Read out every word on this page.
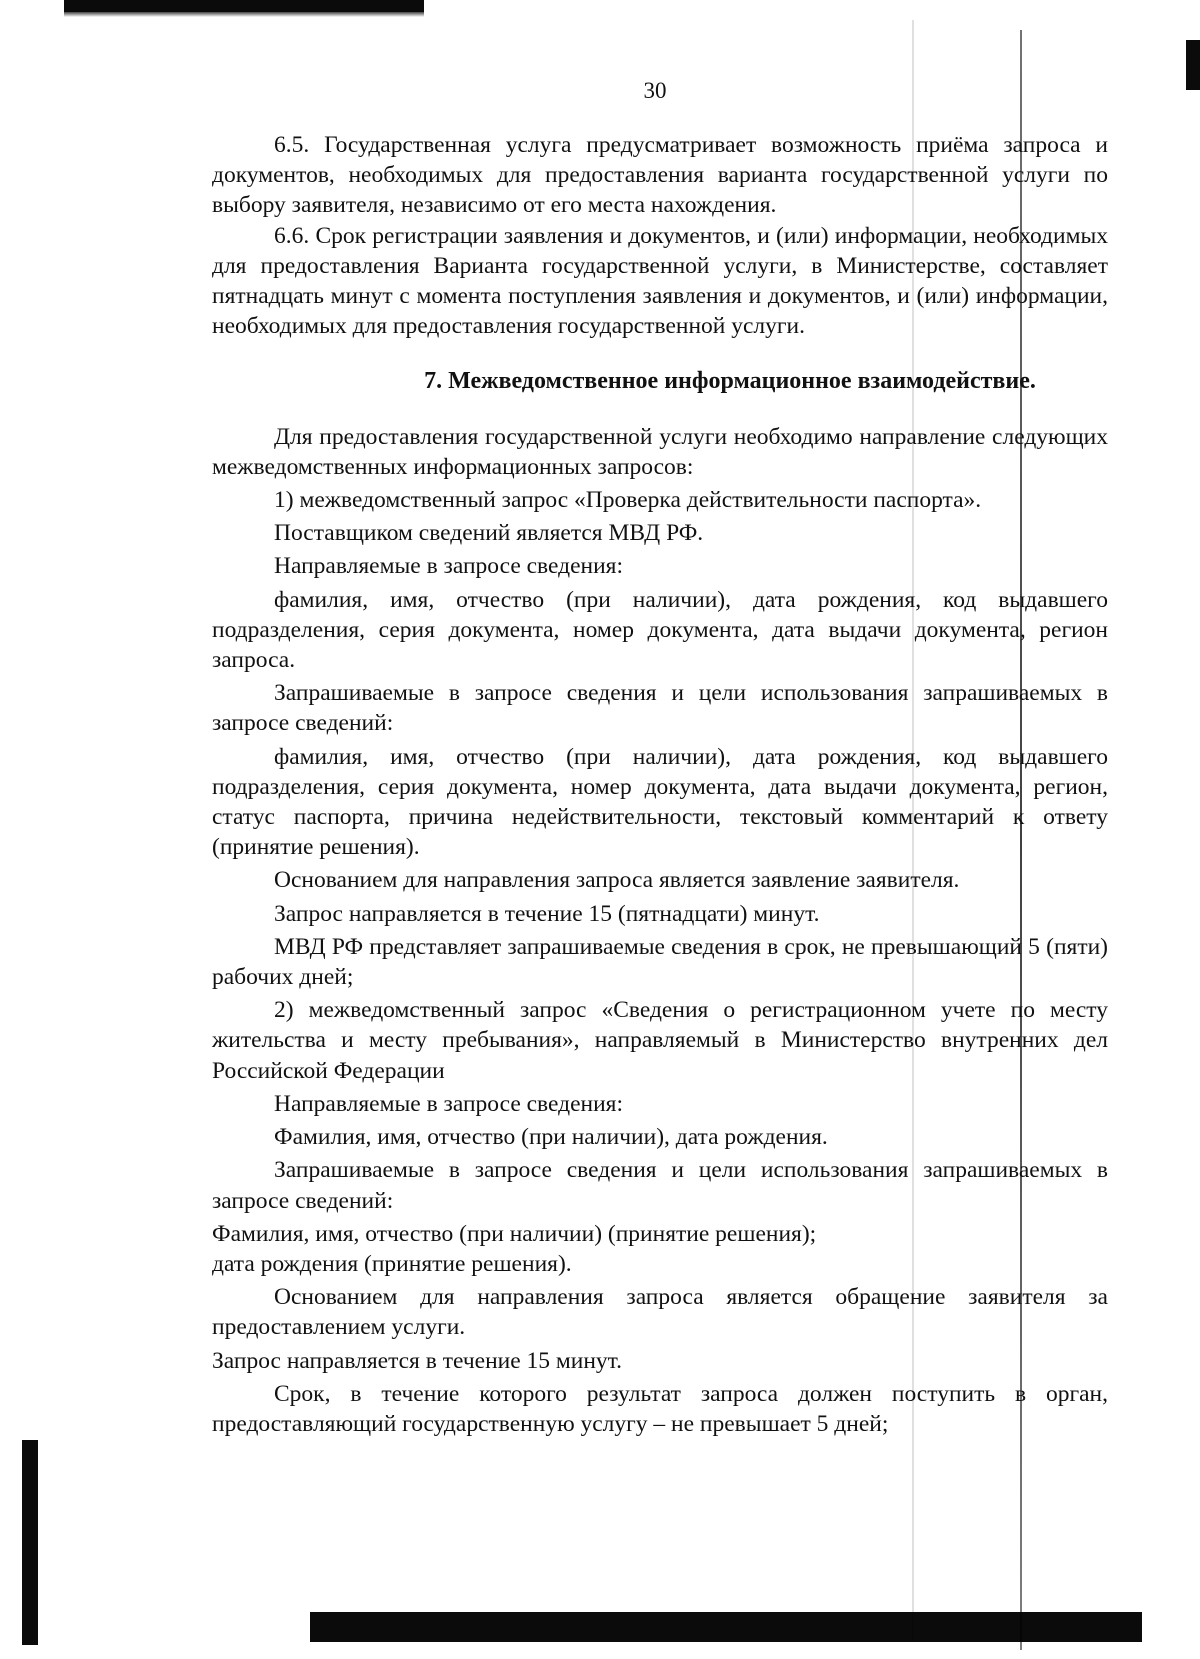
30

6.5. Государственная услуга предусматривает возможность приёма запроса и документов, необходимых для предоставления варианта государственной услуги по выбору заявителя, независимо от его места нахождения.

6.6. Срок регистрации заявления и документов, и (или) информации, необходимых для предоставления Варианта государственной услуги, в Министерстве, составляет пятнадцать минут с момента поступления заявления и документов, и (или) информации, необходимых для предоставления государственной услуги.

7. Межведомственное информационное взаимодействие.

Для предоставления государственной услуги необходимо направление следующих межведомственных информационных запросов:

1) межведомственный запрос «Проверка действительности паспорта».

Поставщиком сведений является МВД РФ.

Направляемые в запросе сведения:

фамилия, имя, отчество (при наличии), дата рождения, код выдавшего подразделения, серия документа, номер документа, дата выдачи документа, регион запроса.

Запрашиваемые в запросе сведения и цели использования запрашиваемых в запросе сведений:

фамилия, имя, отчество (при наличии), дата рождения, код выдавшего подразделения, серия документа, номер документа, дата выдачи документа, регион, статус паспорта, причина недействительности, текстовый комментарий к ответу (принятие решения).

Основанием для направления запроса является заявление заявителя.

Запрос направляется в течение 15 (пятнадцати) минут.

МВД РФ представляет запрашиваемые сведения в срок, не превышающий 5 (пяти) рабочих дней;

2) межведомственный запрос «Сведения о регистрационном учете по месту жительства и месту пребывания», направляемый в Министерство внутренних дел Российской Федерации

Направляемые в запросе сведения:

Фамилия, имя, отчество (при наличии), дата рождения.

Запрашиваемые в запросе сведения и цели использования запрашиваемых в запросе сведений:

Фамилия, имя, отчество (при наличии) (принятие решения);

дата рождения (принятие решения).

Основанием для направления запроса является обращение заявителя за предоставлением услуги.

Запрос направляется в течение 15 минут.

Срок, в течение которого результат запроса должен поступить в орган, предоставляющий государственную услугу – не превышает 5 дней;
